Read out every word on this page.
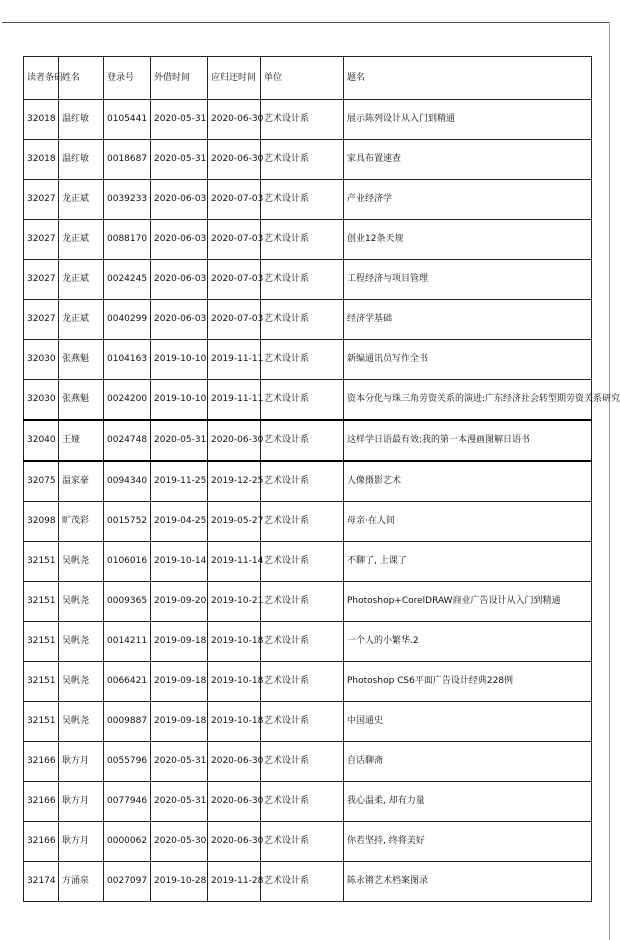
读者条码	姓名	登录号	外借时间	应归还时间	单位	题名
32018	温红敏	0105441	2020-05-31	2020-06-30	艺术设计系	展示陈列设计从入门到精通
32018	温红敏	0018687	2020-05-31	2020-06-30	艺术设计系	家具布置速查
32027	龙正斌	0039233	2020-06-03	2020-07-03	艺术设计系	产业经济学
32027	龙正斌	0088170	2020-06-03	2020-07-03	艺术设计系	创业12条天规
32027	龙正斌	0024245	2020-06-03	2020-07-03	艺术设计系	工程经济与项目管理
32027	龙正斌	0040299	2020-06-03	2020-07-03	艺术设计系	经济学基础
32030	张燕魁	0104163	2019-10-10	2019-11-11	艺术设计系	新编通讯员写作全书
32030	张燕魁	0024200	2019-10-10	2019-11-11	艺术设计系	资本分化与珠三角劳资关系的演进:广东经济社会转型期劳资关系研究
32040	王娅	0024748	2020-05-31	2020-06-30	艺术设计系	这样学日语最有效:我的第一本漫画图解日语书
32075	温家豪	0094340	2019-11-25	2019-12-25	艺术设计系	人像摄影艺术
32098	旷茂彩	0015752	2019-04-25	2019-05-27	艺术设计系	母亲·在人间
32151	吴帆尧	0106016	2019-10-14	2019-11-14	艺术设计系	不聊了, 上课了
32151	吴帆尧	0009365	2019-09-20	2019-10-21	艺术设计系	Photoshop+CorelDRAW商业广告设计从入门到精通
32151	吴帆尧	0014211	2019-09-18	2019-10-18	艺术设计系	一个人的小繁华.2
32151	吴帆尧	0066421	2019-09-18	2019-10-18	艺术设计系	Photoshop CS6平面广告设计经典228例
32151	吴帆尧	0009887	2019-09-18	2019-10-18	艺术设计系	中国通史
32166	耿方月	0055796	2020-05-31	2020-06-30	艺术设计系	自话聊斋
32166	耿方月	0077946	2020-05-31	2020-06-30	艺术设计系	我心温柔, 却有力量
32166	耿方月	0000062	2020-05-30	2020-06-30	艺术设计系	你若坚持, 终将美好
32174	方涌泉	0027097	2019-10-28	2019-11-28	艺术设计系	陈永锵艺术档案图录
